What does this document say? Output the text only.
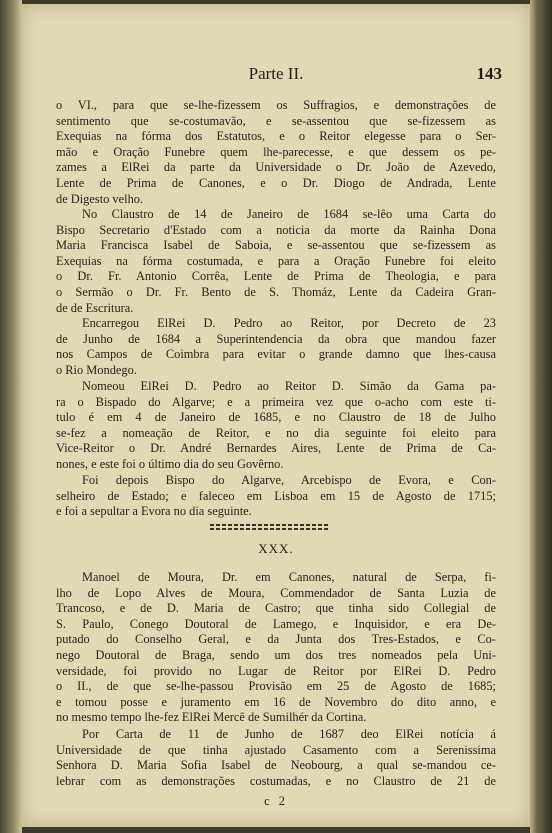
Parte II.	143
o VI., para que se-lhe-fizessem os Suffragios, e demonstrações de
sentimento que se-costumavão, e se-assentou que se-fizessem as
Exequias na fórma dos Estatutos, e o Reitor elegesse para o Ser-
mão e Oração Funebre quem lhe-parecesse, e que dessem os pe-
zames a ElRei da parte da Universidade o Dr. João de Azevedo,
Lente de Prima de Canones, e o Dr. Diogo de Andrada, Lente
de Digesto velho.
No Claustro de 14 de Janeiro de 1684 se-lêo uma Carta do
Bispo Secretario d'Estado com a noticia da morte da Rainha Dona
Maria Francisca Isabel de Saboia, e se-assentou que se-fizessem as
Exequias na fórma costumada, e para a Oração Funebre foi eleito
o Dr. Fr. Antonio Corrêa, Lente de Prima de Theologia, e para
o Sermão o Dr. Fr. Bento de S. Thomáz, Lente da Cadeira Gran-
de de Escritura.
Encarregou ElRei D. Pedro ao Reitor, por Decreto de 23
de Junho de 1684 a Superintendencia da obra que mandou fazer
nos Campos de Coimbra para evitar o grande damno que lhes-causa
o Rio Mondego.
Nomeou ElRei D. Pedro ao Reitor D. Simão da Gama pa-
ra o Bispado do Algarve; e a primeira vez que o-acho com este ti-
tulo é em 4 de Janeiro de 1685, e no Claustro de 18 de Julho
se-fez a nomeação de Reitor, e no dia seguinte foi eleito para
Vice-Reitor o Dr. André Bernardes Aires, Lente de Prima de Ca-
nones, e este foi o último dia do seu Govêrno.
Foi depois Bispo do Algarve, Arcebispo de Evora, e Con-
selheiro de Estado; e faleceo em Lisboa em 15 de Agosto de 1715;
e foi a sepultar a Evora no dia seguinte.
XXX.
Manoel de Moura, Dr. em Canones, natural de Serpa, fi-
lho de Lopo Alves de Moura, Commendador de Santa Luzia de
Trancoso, e de D. Maria de Castro; que tinha sido Collegial de
S. Paulo, Conego Doutoral de Lamego, e Inquisidor, e era De-
putado do Conselho Geral, e da Junta dos Tres-Estados, e Co-
nego Doutoral de Braga, sendo um dos tres nomeados pela Uni-
versidade, foi provido no Lugar de Reitor por ElRei D. Pedro
o II., de que se-lhe-passou Provisão em 25 de Agosto de 1685;
e tomou posse e juramento em 16 de Novembro do dito anno, e
no mesmo tempo lhe-fez ElRei Mercê de Sumilhér da Cortina.
Por Carta de 11 de Junho de 1687 deo ElRei notícia á
Universidade de que tinha ajustado Casamento com a Serenissima
Senhora D. Maria Sofia Isabel de Neobourg, a qual se-mandou ce-
lebrar com as demonstrações costumadas, e no Claustro de 21 de
c 2
